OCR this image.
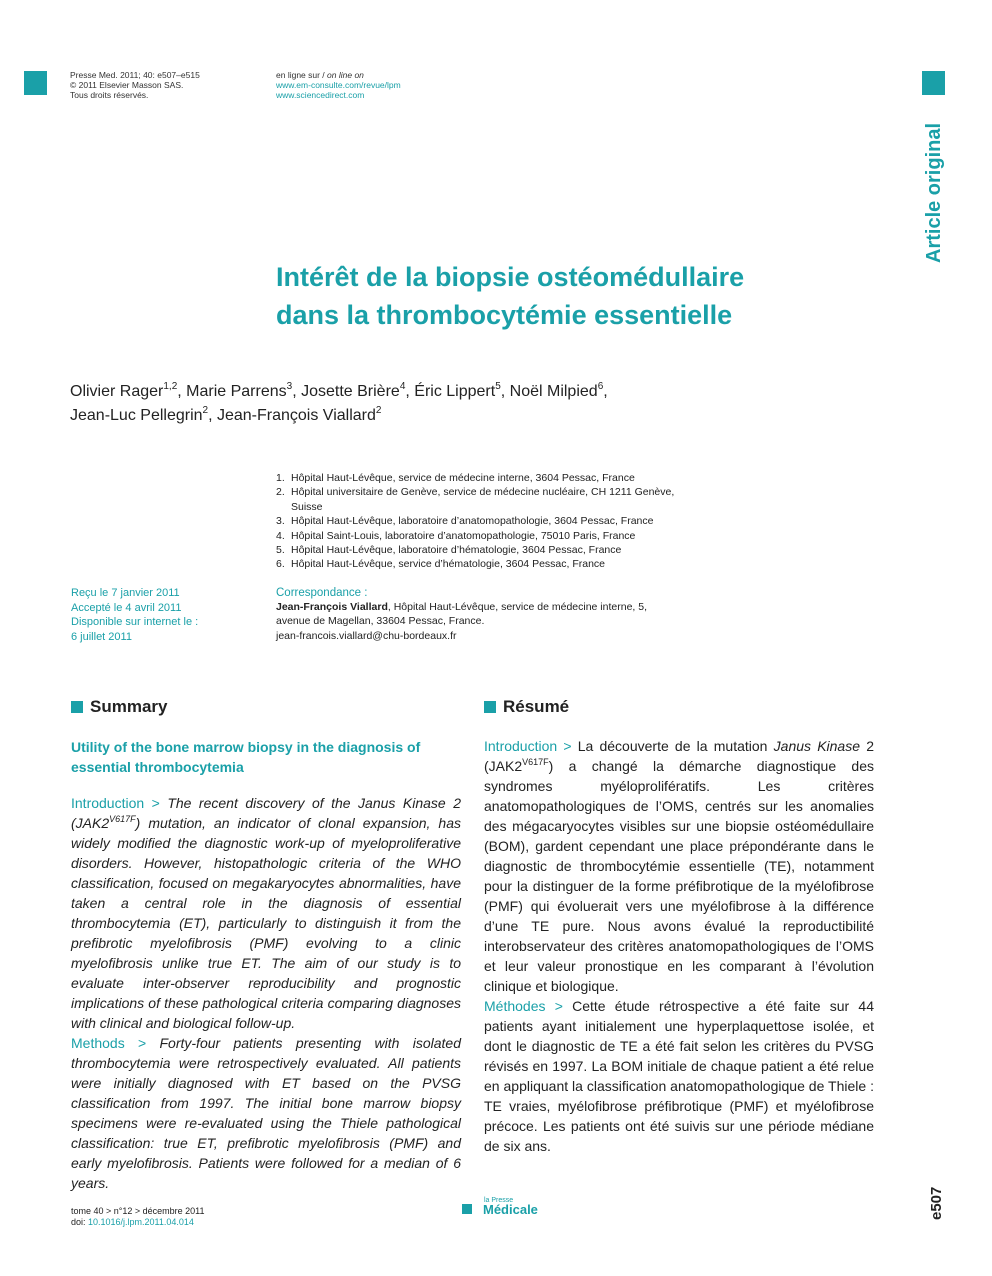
Presse Med. 2011; 40: e507–e515
© 2011 Elsevier Masson SAS.
Tous droits réservés.
en ligne sur / on line on
www.em-consulte.com/revue/lpm
www.sciencedirect.com
Article original
Intérêt de la biopsie ostéomédullaire
dans la thrombocytémie essentielle
Olivier Rager$^{1,2}$, Marie Parrens$^3$, Josette Brière$^4$, Éric Lippert$^5$, Noël Milpied$^6$,
Jean-Luc Pellegrin$^2$, Jean-François Viallard$^2$
1. Hôpital Haut-Lévêque, service de médecine interne, 3604 Pessac, France
2. Hôpital universitaire de Genève, service de médecine nucléaire, CH 1211 Genève, Suisse
3. Hôpital Haut-Lévêque, laboratoire d’anatomopathologie, 3604 Pessac, France
4. Hôpital Saint-Louis, laboratoire d’anatomopathologie, 75010 Paris, France
5. Hôpital Haut-Lévêque, laboratoire d’hématologie, 3604 Pessac, France
6. Hôpital Haut-Lévêque, service d’hématologie, 3604 Pessac, France
Reçu le 7 janvier 2011
Accepté le 4 avril 2011
Disponible sur internet le :
6 juillet 2011
Correspondance :
Jean-François Viallard, Hôpital Haut-Lévêque, service de médecine interne, 5,
avenue de Magellan, 33604 Pessac, France.
jean-francois.viallard@chu-bordeaux.fr
Summary	Résumé
Utility of the bone marrow biopsy in the diagnosis of essential thrombocytemia

Introduction > The recent discovery of the Janus Kinase 2 $(JAK2^{V617F})$ mutation, an indicator of clonal expansion, has widely modified the diagnostic work-up of myeloproliferative disorders. However, histopathologic criteria of the WHO classification, focused on megakaryocytes abnormalities, have taken a central role in the diagnosis of essential thrombocytemia (ET), particularly to distinguish it from the prefibrotic myelofibrosis (PMF) evolving to a clinic myelofibrosis unlike true ET. The aim of our study is to evaluate inter-observer reproducibility and prognostic implications of these pathological criteria comparing diagnoses with clinical and biological follow-up.

Methods > Forty-four patients presenting with isolated thrombocytemia were retrospectively evaluated. All patients were initially diagnosed with ET based on the PVSG classification from 1997. The initial bone marrow biopsy specimens were re-evaluated using the Thiele pathological classification: true ET, prefibrotic myelofibrosis (PMF) and early myelofibrosis. Patients were followed for a median of 6 years.

Introduction > La découverte de la mutation Janus Kinase 2 $(JAK2^{V617F})$ a changé la démarche diagnostique des syndromes myéloprolifératifs. Les critères anatomopathologiques de l’OMS, centrés sur les anomalies des mégacaryocytes visibles sur une biopsie ostéomédullaire (BOM), gardent cependant une place prépondérante dans le diagnostic de thrombocytémie essentielle (TE), notamment pour la distinguer de la forme préfibrotique de la myélofibrose (PMF) qui évoluerait vers une myélofibrose à la différence d’une TE pure. Nous avons évalué la reproductibilité interobservateur des critères anatomopathologiques de l’OMS et leur valeur pronostique en les comparant à l’évolution clinique et biologique.

Méthodes > Cette étude rétrospective a été faite sur 44 patients ayant initialement une hyperplaquettose isolée, et dont le diagnostic de TE a été fait selon les critères du PVSG révisés en 1997. La BOM initiale de chaque patient a été relue en appliquant la classification anatomopathologique de Thiele : TE vraies, myélofibrose préfibrotique (PMF) et myélofibrose précoce. Les patients ont été suivis sur une période médiane de six ans.

tome 40 > n°12 > décembre 2011
doi: 10.1016/j.lpm.2011.04.014
la Presse
Médicale	e507
